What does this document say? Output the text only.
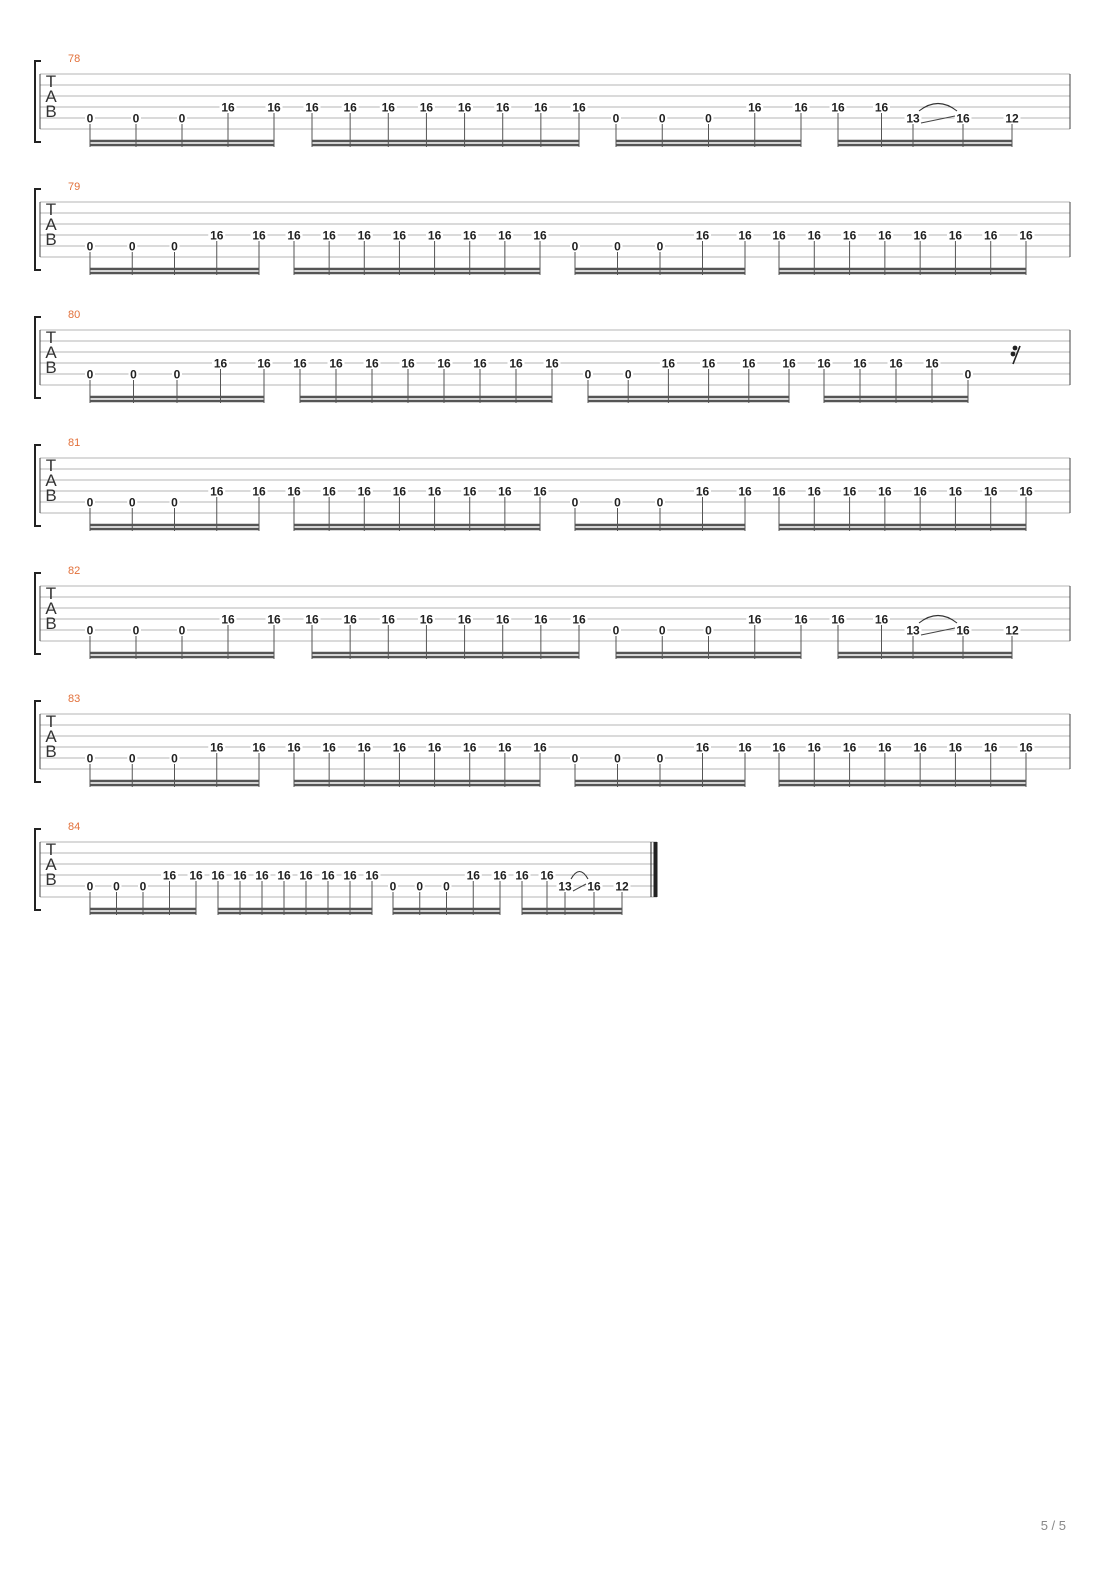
T
A
B
78
0	0	0
16	16 16 16 16 16 16 16 16 16
0	0	0
16	16 16	16
13	16	12
T
A
B
79
0	0	0
16 16 16 16 16 16 16 16 16 16
0	0	0
16 16 16 16 16 16 16 16 16 16
T
A
B
80
0	0	0
16	16 16 16 16 16 16 16 16 16
0	0
16 16 16 16 16 16 16 16
0
T
A
B
81
0	0	0
16 16 16 16 16 16 16 16 16 16
0	0	0
16 16 16 16 16 16 16 16 16 16
T
A
B
82
0	0	0
16	16 16 16 16 16 16 16 16 16
0	0	0
16	16 16	16
13	16	12
T
A
B
83
0	0	0
16 16 16 16 16 16 16 16 16 16
0	0	0
16 16 16 16 16 16 16 16 16 16
T
A
B
84
0 0 0
16 16 16 16 16 16 16 16 16 16
0 0 0
16 16 16 16
13 16 12
5 / 5
